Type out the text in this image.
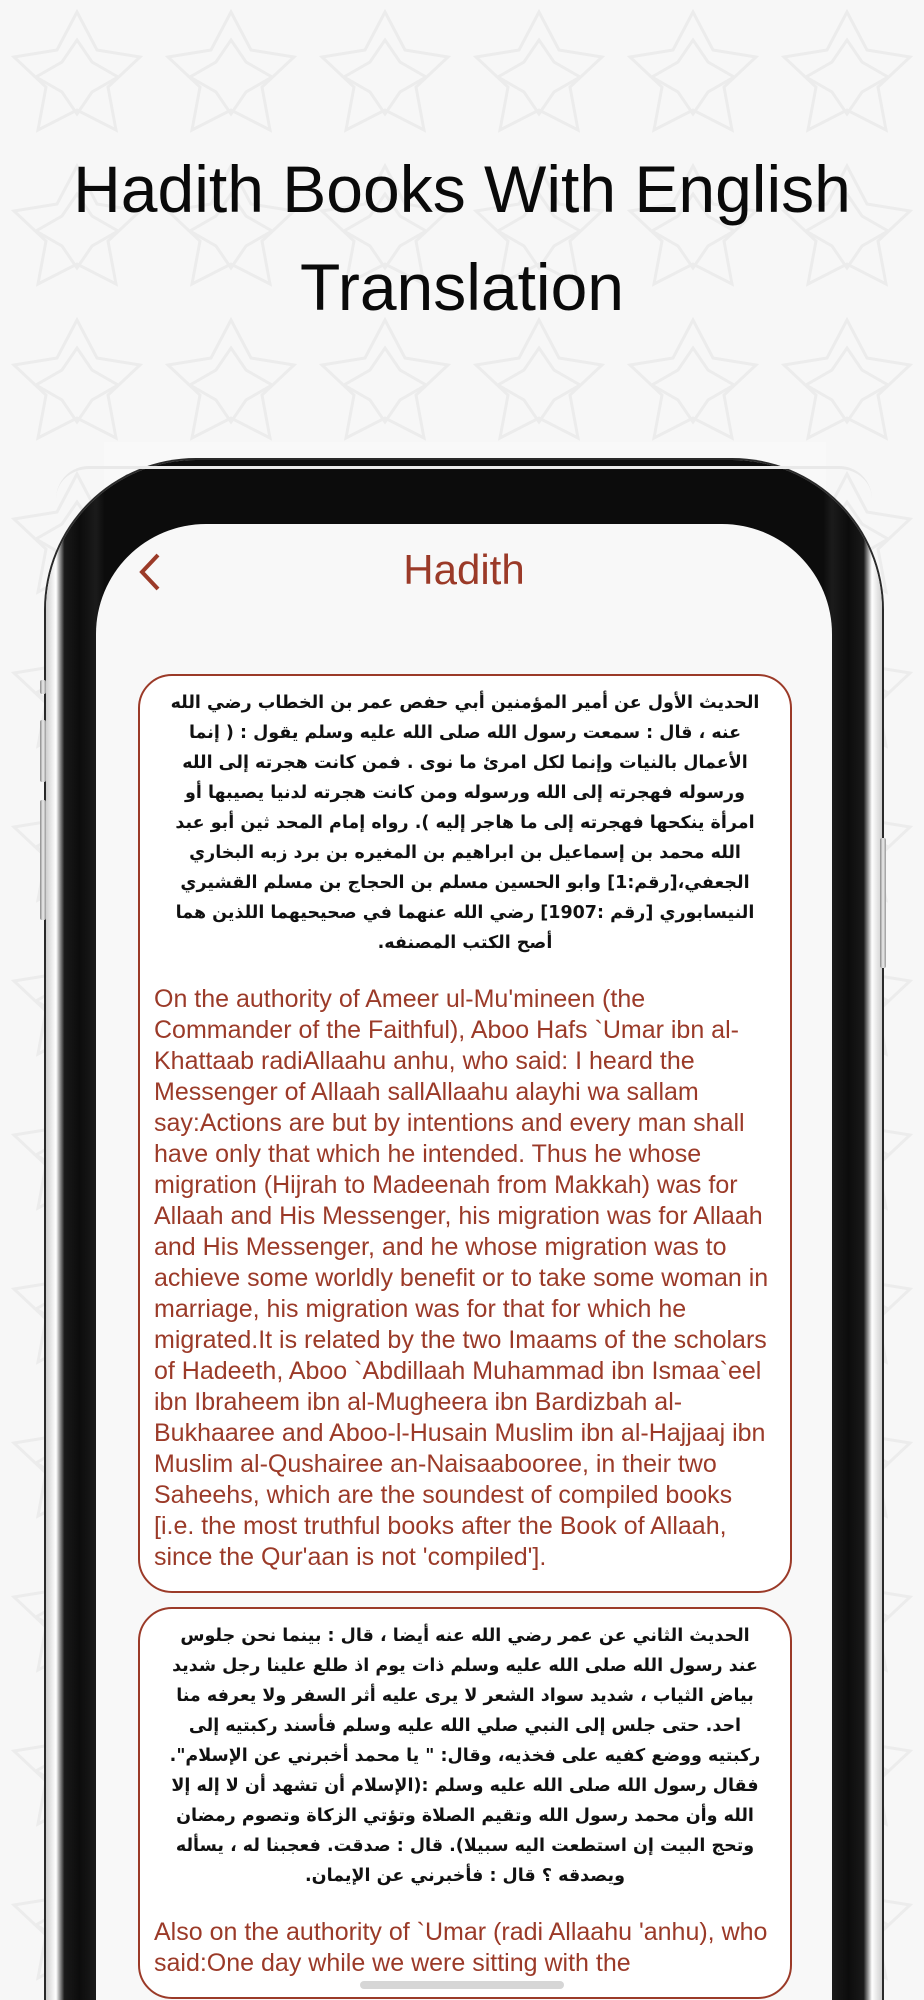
Hadith Books With English
Translation
Hadith
الحديث الأول عن أمير المؤمنين أبي حفص عمر بن الخطاب رضي الله عنه ، قال : سمعت رسول الله صلى الله عليه وسلم يقول : ( إنما الأعمال بالنيات وإنما لكل امرئ ما نوى . فمن كانت هجرته إلى الله ورسوله فهجرته إلى الله ورسوله ومن كانت هجرته لدنيا يصيبها أو امرأة ينكحها فهجرته إلى ما هاجر إليه ). رواه إمام المحد ثين أبو عبد الله محمد بن إسماعيل بن ابراهيم بن المغيره بن برد زبه البخاري الجعفي،[رقم:1] وابو الحسين مسلم بن الحجاج بن مسلم القشيري النيسابوري [رقم :1907] رضي الله عنهما في صحيحيهما اللذين هما أصح الكتب المصنفه.
On the authority of Ameer ul-Mu'mineen (the Commander of the Faithful), Aboo Hafs `Umar ibn al-Khattaab radiAllaahu anhu, who said: I heard the Messenger of Allaah sallAllaahu alayhi wa sallam say:Actions are but by intentions and every man shall have only that which he intended. Thus he whose migration (Hijrah to Madeenah from Makkah) was for Allaah and His Messenger, his migration was for Allaah and His Messenger, and he whose migration was to achieve some worldly benefit or to take some woman in marriage, his migration was for that for which he migrated.It is related by the two Imaams of the scholars of Hadeeth, Aboo `Abdillaah Muhammad ibn Ismaa`eel ibn Ibraheem ibn al-Mugheera ibn Bardizbah al-Bukhaaree and Aboo-l-Husain Muslim ibn al-Hajjaaj ibn Muslim al-Qushairee an-Naisaabooree, in their two Saheehs, which are the soundest of compiled books [i.e. the most truthful books after the Book of Allaah, since the Qur'aan is not 'compiled'].
الحديث الثاني عن عمر رضي الله عنه أيضا ، قال : بينما نحن جلوس عند رسول الله صلى الله عليه وسلم ذات يوم اذ طلع علينا رجل شديد بياض الثياب ، شديد سواد الشعر لا يرى عليه أثر السفر ولا يعرفه منا احد. حتى جلس إلى النبي صلي الله عليه وسلم فأسند ركبتيه إلى ركبتيه ووضع كفيه على فخذيه، وقال: " يا محمد أخبرني عن الإسلام". فقال رسول الله صلى الله عليه وسلم :(الإسلام أن تشهد أن لا إله إلا الله وأن محمد رسول الله وتقيم الصلاة وتؤتي الزكاة وتصوم رمضان وتحج البيت إن استطعت اليه سبيلا). قال : صدقت. فعجبنا له ، يسأله ويصدقه ؟ قال : فأخبرني عن الإيمان.
Also on the authority of `Umar (radi Allaahu 'anhu), who said:One day while we were sitting with the
